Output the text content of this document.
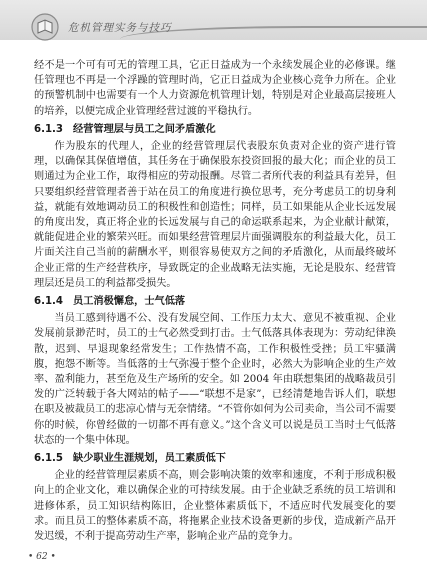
危机管理实务与技巧

经不是一个可有可无的管理工具，它正日益成为一个永续发展企业的必修课。继任管理也不再是一个浮躁的管理时尚，它正日益成为企业核心竞争力所在。企业的预警机制中也需要有一个人力资源危机管理计划，特别是对企业最高层接班人的培养，以便完成企业管理经营过渡的平稳执行。

6.1.3 经营管理层与员工之间矛盾激化

作为股东的代理人，企业的经营管理层代表股东负责对企业的资产进行管理，以确保其保值增值，其任务在于确保股东投资回报的最大化；而企业的员工则通过为企业工作，取得相应的劳动报酬。尽管二者所代表的利益具有差异，但只要组织经营管理者善于站在员工的角度进行换位思考，充分考虑员工的切身利益，就能有效地调动员工的积极性和创造性；同样，员工如果能从企业长远发展的角度出发，真正将企业的长远发展与自己的命运联系起来，为企业献计献策，就能促进企业的繁荣兴旺。而如果经营管理层片面强调股东的利益最大化，员工片面关注自己当前的薪酬水平，则很容易使双方之间的矛盾激化，从而最终破坏企业正常的生产经营秩序，导致既定的企业战略无法实施，无论是股东、经营管理层还是员工的利益都受损失。

6.1.4 员工消极懈怠，士气低落

当员工感到待遇不公、没有发展空间、工作压力太大、意见不被重视、企业发展前景渺茫时，员工的士气必然受到打击。士气低落具体表现为：劳动纪律涣散，迟到、早退现象经常发生；工作热情不高，工作积极性受挫；员工牢骚满腹，抱怨不断等。当低落的士气弥漫于整个企业时，必然大为影响企业的生产效率、盈利能力，甚至危及生产场所的安全。如 2004 年由联想集团的战略裁员引发的广泛转载于各大网站的帖子——“联想不是家”，已经清楚地告诉人们，联想在职及被裁员工的悲凉心情与无奈情绪。“不管你如何为公司卖命，当公司不需要你的时候，你曾经做的一切都不再有意义。”这个含义可以说是员工当时士气低落状态的一个集中体现。

6.1.5 缺少职业生涯规划，员工素质低下

企业的经营管理层素质不高，则会影响决策的效率和速度，不利于形成积极向上的企业文化，难以确保企业的可持续发展。由于企业缺乏系统的员工培训和进修体系，员工知识结构陈旧，企业整体素质低下，不适应时代发展变化的要求。而且员工的整体素质不高，将拖累企业技术设备更新的步伐，造成新产品开发迟缓，不利于提高劳动生产率，影响企业产品的竞争力。

• 62 •
